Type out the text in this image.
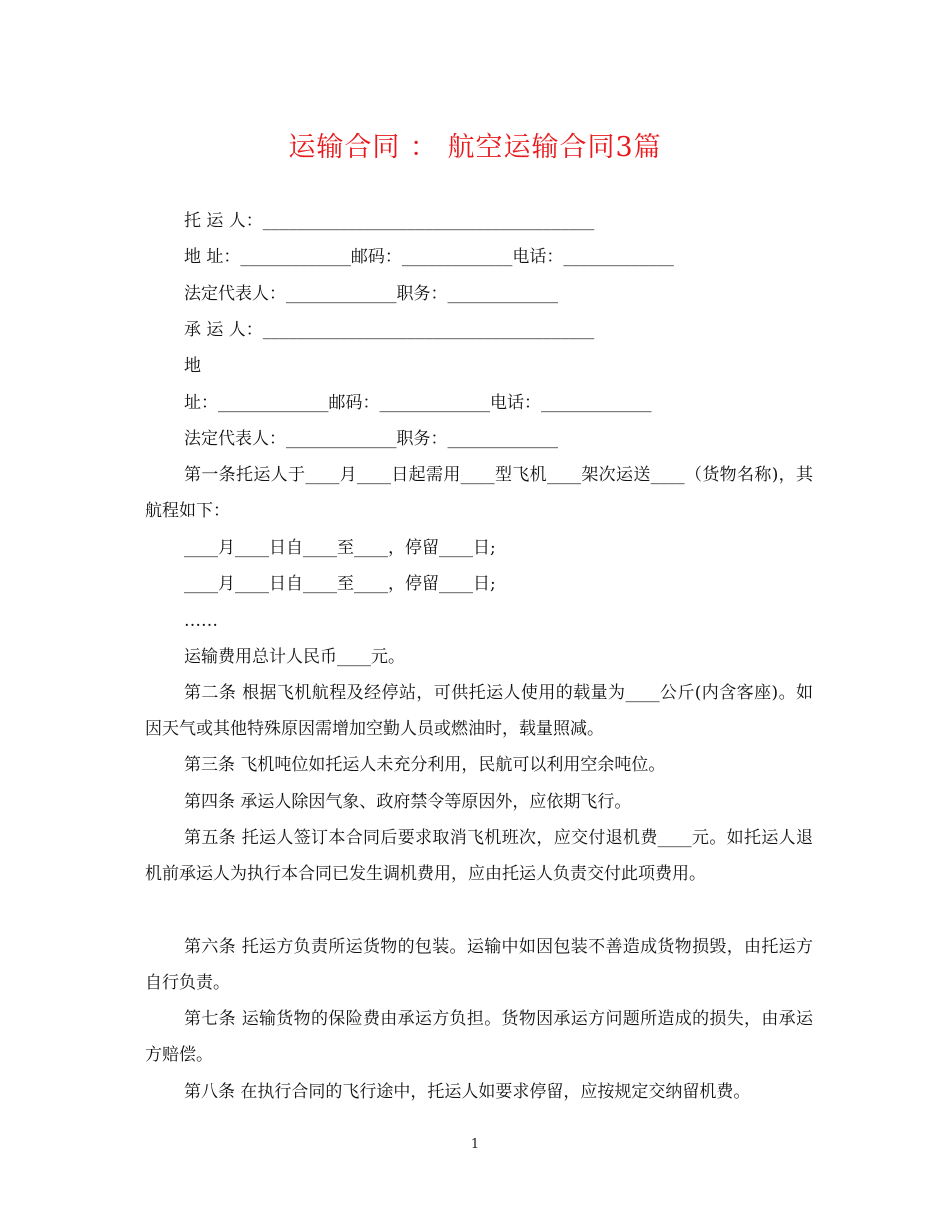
运输合同 ： 航空运输合同3篇
托 运 人：_______________________________________
地 址：_____________邮码：_____________电话：_____________
法定代表人：_____________职务：_____________
承 运 人：_______________________________________
地
址：_____________邮码：_____________电话：_____________
法定代表人：_____________职务：_____________
第一条托运人于____月____日起需用____型飞机____架次运送____（货物名称)，其航程如下：
____月____日自____至____，停留____日;
____月____日自____至____，停留____日;
……
运输费用总计人民币____元。
第二条 根据飞机航程及经停站，可供托运人使用的载量为____公斤(内含客座)。如因天气或其他特殊原因需增加空勤人员或燃油时，载量照减。
第三条 飞机吨位如托运人未充分利用，民航可以利用空余吨位。
第四条 承运人除因气象、政府禁令等原因外，应依期飞行。
第五条 托运人签订本合同后要求取消飞机班次，应交付退机费____元。如托运人退机前承运人为执行本合同已发生调机费用，应由托运人负责交付此项费用。
第六条 托运方负责所运货物的包装。运输中如因包装不善造成货物损毁，由托运方自行负责。
第七条 运输货物的保险费由承运方负担。货物因承运方问题所造成的损失，由承运方赔偿。
第八条 在执行合同的飞行途中，托运人如要求停留，应按规定交纳留机费。
1
